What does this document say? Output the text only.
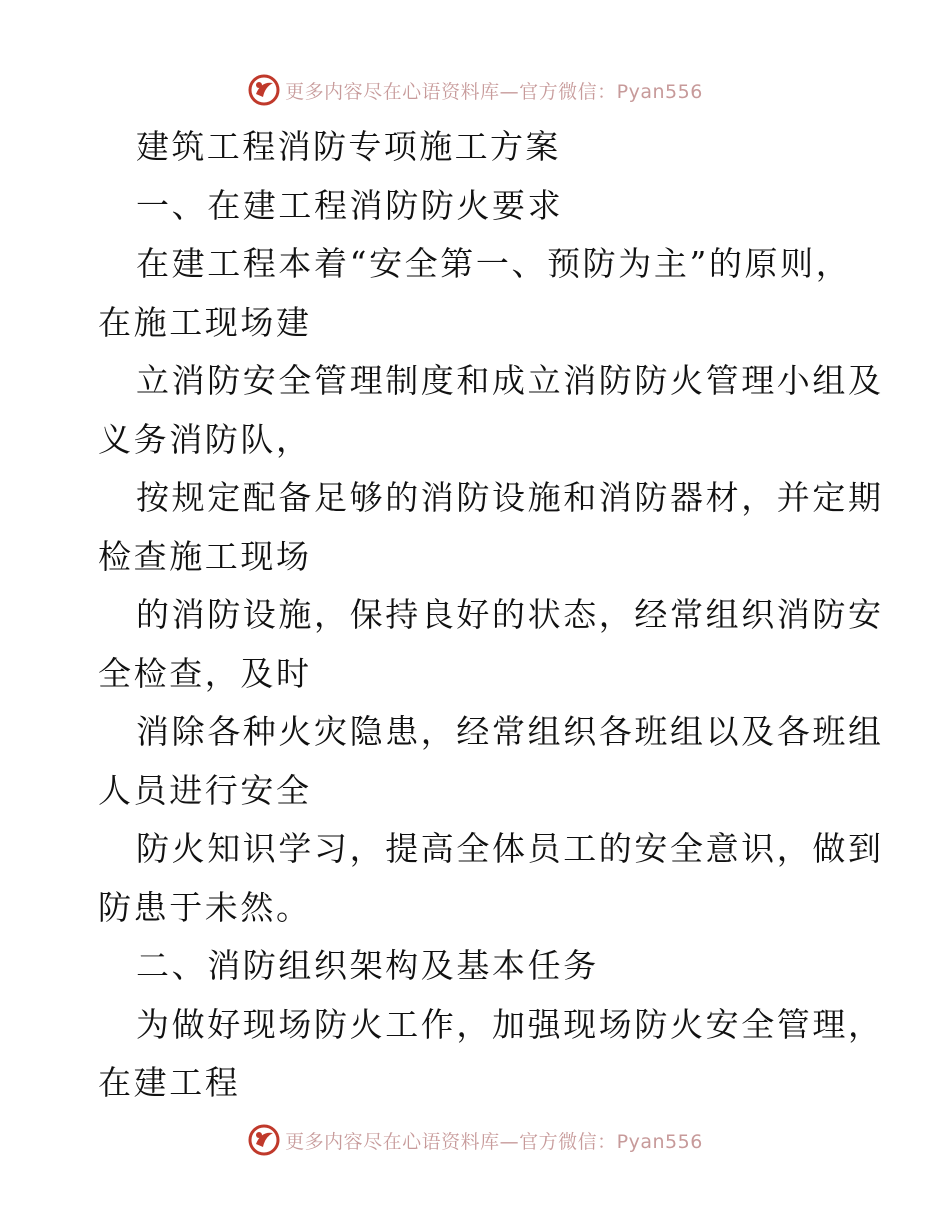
更多内容尽在心语资料库—官方微信：Pyan556
建筑工程消防专项施工方案
一、在建工程消防防火要求
在建工程本着“安全第一、预防为主”的原则，
在施工现场建
立消防安全管理制度和成立消防防火管理小组及
义务消防队，
按规定配备足够的消防设施和消防器材，并定期
检查施工现场
的消防设施，保持良好的状态，经常组织消防安
全检查，及时
消除各种火灾隐患，经常组织各班组以及各班组
人员进行安全
防火知识学习，提高全体员工的安全意识，做到
防患于未然。
二、消防组织架构及基本任务
为做好现场防火工作，加强现场防火安全管理，
在建工程
更多内容尽在心语资料库—官方微信：Pyan556
